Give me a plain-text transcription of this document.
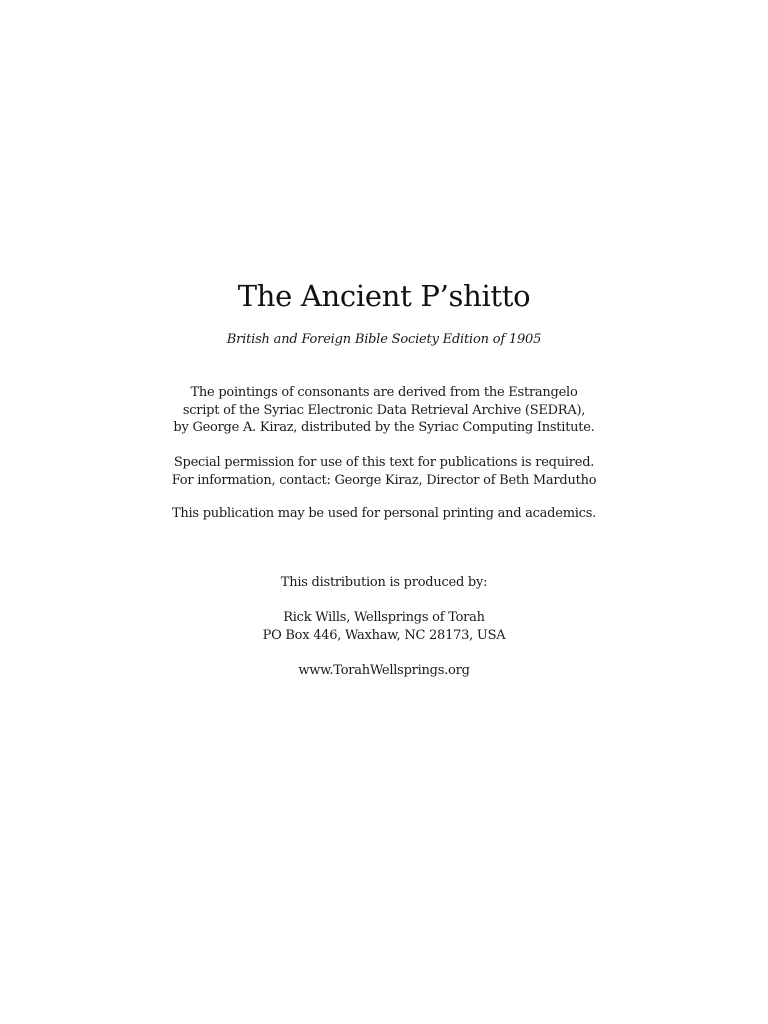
The Ancient P’shitto
British and Foreign Bible Society Edition of 1905
The pointings of consonants are derived from the Estrangelo
script of the Syriac Electronic Data Retrieval Archive (SEDRA),
by George A. Kiraz, distributed by the Syriac Computing Institute.
Special permission for use of this text for publications is required.
For information, contact: George Kiraz, Director of Beth Mardutho
This publication may be used for personal printing and academics.
This distribution is produced by:
Rick Wills, Wellsprings of Torah
PO Box 446, Waxhaw, NC 28173, USA
www.TorahWellsprings.org
